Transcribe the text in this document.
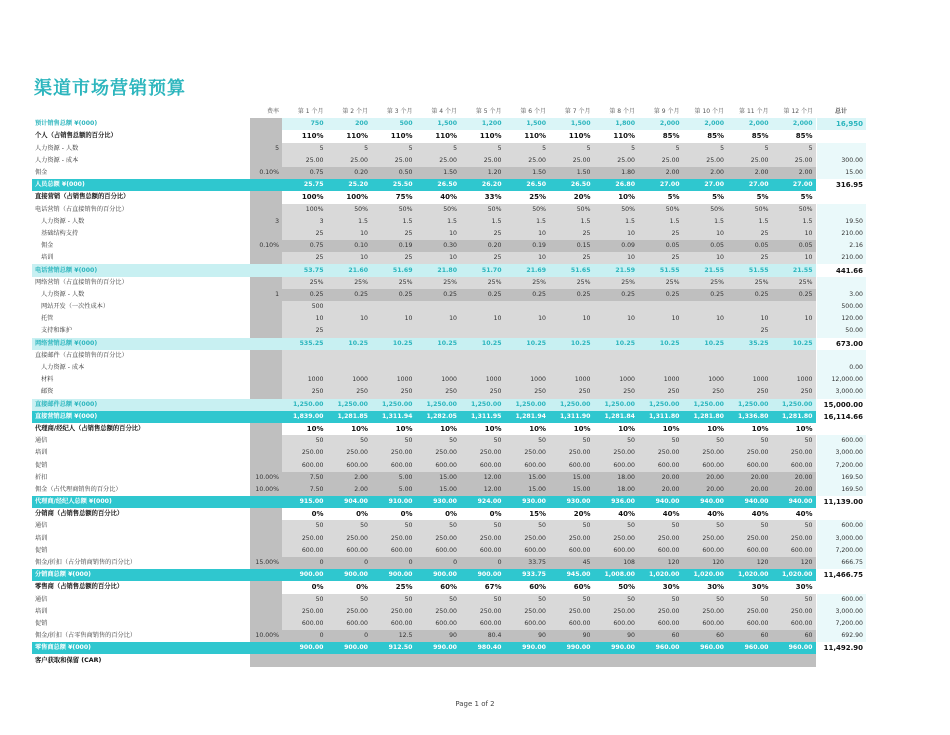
渠道市场营销预算
	费率	第 1 个月	第 2 个月	第 3 个月	第 4 个月	第 5 个月	第 6 个月	第 7 个月	第 8 个月	第 9 个月	第 10 个月	第 11 个月	第 12 个月	总计
预计销售总额 ¥(000)		750	200	500	1,500	1,200	1,500	1,500	1,800	2,000	2,000	2,000	2,000	16,950
个人（占销售总额的百分比）		110%	110%	110%	110%	110%	110%	110%	110%	85%	85%	85%	85%	
人力资源 - 人数	5	5	5	5	5	5	5	5	5	5	5	5	5	
人力资源 - 成本		25.00	25.00	25.00	25.00	25.00	25.00	25.00	25.00	25.00	25.00	25.00	25.00	300.00
佣金	0.10%	0.75	0.20	0.50	1.50	1.20	1.50	1.50	1.80	2.00	2.00	2.00	2.00	15.00
人员总额 ¥(000)		25.75	25.20	25.50	26.50	26.20	26.50	26.50	26.80	27.00	27.00	27.00	27.00	316.95
直接营销（占销售总额的百分比）		100%	100%	75%	40%	33%	25%	20%	10%	5%	5%	5%	5%	
电话营销（占直接销售的百分比）		100%	50%	50%	50%	50%	50%	50%	50%	50%	50%	50%	50%	
人力资源 - 人数	3	3	1.5	1.5	1.5	1.5	1.5	1.5	1.5	1.5	1.5	1.5	1.5	19.50
基础结构支持		25	10	25	10	25	10	25	10	25	10	25	10	210.00
佣金	0.10%	0.75	0.10	0.19	0.30	0.20	0.19	0.15	0.09	0.05	0.05	0.05	0.05	2.16
培训		25	10	25	10	25	10	25	10	25	10	25	10	210.00
电话营销总额 ¥(000)		53.75	21.60	51.69	21.80	51.70	21.69	51.65	21.59	51.55	21.55	51.55	21.55	441.66
网络营销（占直接销售的百分比）		25%	25%	25%	25%	25%	25%	25%	25%	25%	25%	25%	25%	
人力资源 - 人数	1	0.25	0.25	0.25	0.25	0.25	0.25	0.25	0.25	0.25	0.25	0.25	0.25	3.00
网站开发（一次性成本）		500												500.00
托管		10	10	10	10	10	10	10	10	10	10	10	10	120.00
支持和维护		25										25		50.00
网络营销总额 ¥(000)		535.25	10.25	10.25	10.25	10.25	10.25	10.25	10.25	10.25	10.25	35.25	10.25	673.00
直接邮件（占直接销售的百分比）														
人力资源 - 成本														0.00
材料		1000	1000	1000	1000	1000	1000	1000	1000	1000	1000	1000	1000	12,000.00
邮资		250	250	250	250	250	250	250	250	250	250	250	250	3,000.00
直接邮件总额 ¥(000)		1,250.00	1,250.00	1,250.00	1,250.00	1,250.00	1,250.00	1,250.00	1,250.00	1,250.00	1,250.00	1,250.00	1,250.00	15,000.00
直接营销总额 ¥(000)		1,839.00	1,281.85	1,311.94	1,282.05	1,311.95	1,281.94	1,311.90	1,281.84	1,311.80	1,281.80	1,336.80	1,281.80	16,114.66
代理商/经纪人（占销售总额的百分比）		10%	10%	10%	10%	10%	10%	10%	10%	10%	10%	10%	10%	
通信		50	50	50	50	50	50	50	50	50	50	50	50	600.00
培训		250.00	250.00	250.00	250.00	250.00	250.00	250.00	250.00	250.00	250.00	250.00	250.00	3,000.00
促销		600.00	600.00	600.00	600.00	600.00	600.00	600.00	600.00	600.00	600.00	600.00	600.00	7,200.00
折扣	10.00%	7.50	2.00	5.00	15.00	12.00	15.00	15.00	18.00	20.00	20.00	20.00	20.00	169.50
佣金（占代理商销售的百分比）	10.00%	7.50	2.00	5.00	15.00	12.00	15.00	15.00	18.00	20.00	20.00	20.00	20.00	169.50
代理商/经纪人总额 ¥(000)		915.00	904.00	910.00	930.00	924.00	930.00	930.00	936.00	940.00	940.00	940.00	940.00	11,139.00
分销商（占销售总额的百分比）		0%	0%	0%	0%	0%	15%	20%	40%	40%	40%	40%	40%	
通信		50	50	50	50	50	50	50	50	50	50	50	50	600.00
培训		250.00	250.00	250.00	250.00	250.00	250.00	250.00	250.00	250.00	250.00	250.00	250.00	3,000.00
促销		600.00	600.00	600.00	600.00	600.00	600.00	600.00	600.00	600.00	600.00	600.00	600.00	7,200.00
佣金/折扣（占分销商销售的百分比）	15.00%	0	0	0	0	0	33.75	45	108	120	120	120	120	666.75
分销商总额 ¥(000)		900.00	900.00	900.00	900.00	900.00	933.75	945.00	1,008.00	1,020.00	1,020.00	1,020.00	1,020.00	11,466.75
零售商（占销售总额的百分比）		0%	0%	25%	60%	67%	60%	60%	50%	30%	30%	30%	30%	
通信		50	50	50	50	50	50	50	50	50	50	50	50	600.00
培训		250.00	250.00	250.00	250.00	250.00	250.00	250.00	250.00	250.00	250.00	250.00	250.00	3,000.00
促销		600.00	600.00	600.00	600.00	600.00	600.00	600.00	600.00	600.00	600.00	600.00	600.00	7,200.00
佣金/折扣（占零售商销售的百分比）	10.00%	0	0	12.5	90	80.4	90	90	90	60	60	60	60	692.90
零售商总额 ¥(000)		900.00	900.00	912.50	990.00	980.40	990.00	990.00	990.00	960.00	960.00	960.00	960.00	11,492.90
客户获取和保留 (CAR)														
Page 1 of 2
